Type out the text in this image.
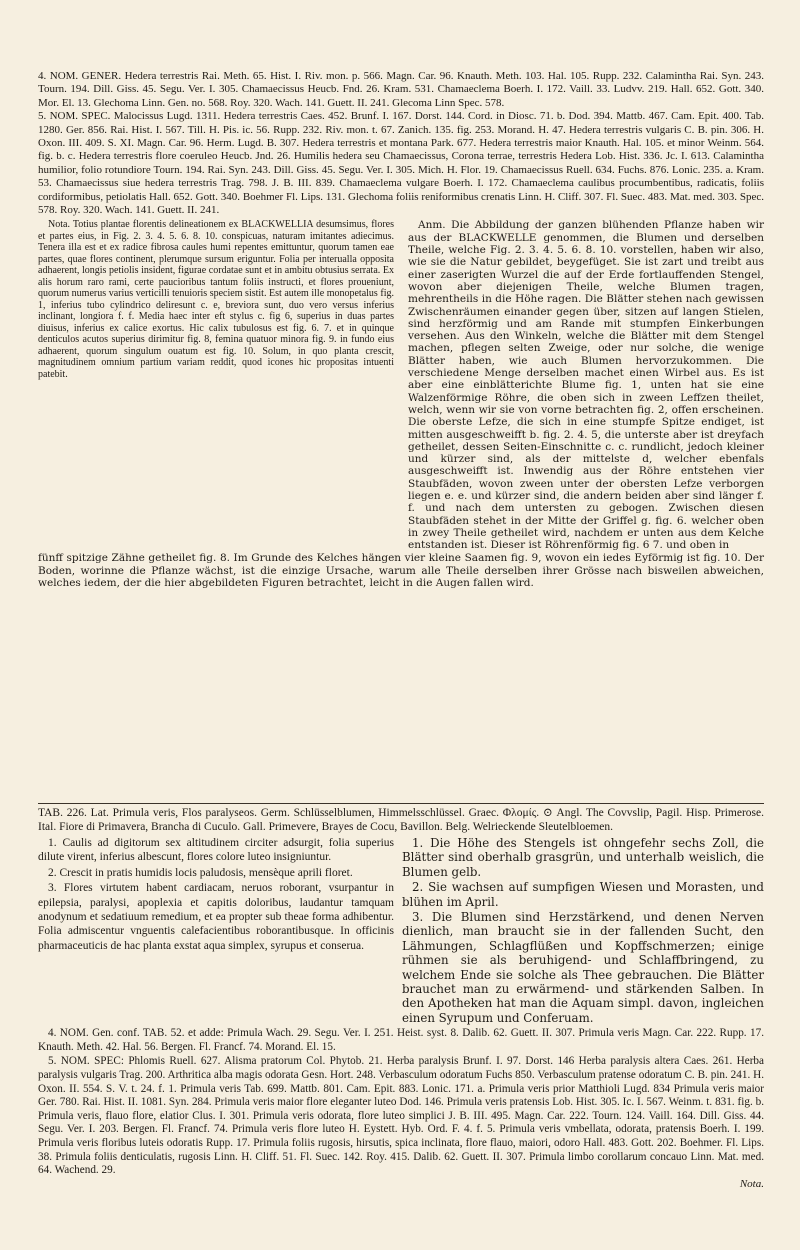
4. NOM. GENER. Hedera terrestris Rai. Meth. 65. Hist. I. Riv. mon. p. 566. Magn. Car. 96. Knauth. Meth. 103. Hal. 105. Rupp. 232. Calamintha Rai. Syn. 243. Tourn. 194. Dill. Giss. 45. Segu. Ver. I. 305. Chamaecissus Heucb. Fnd. 26. Kram. 531. Chamaeclema Boerh. I. 172. Vaill. 33. Ludvv. 219. Hall. 652. Gott. 340. Mor. El. 13. Glechoma Linn. Gen. no. 568. Roy. 320. Wach. 141. Guett. II. 241. Glecoma Linn Spec. 578.

5. NOM. SPEC. Malocissus Lugd. 1311. Hedera terrestris Caes. 452. Brunf. I. 167. Dorst. 144. Cord. in Diosc. 71. b. Dod. 394. Mattb. 467. Cam. Epit. 400. Tab. 1280. Ger. 856. Rai. Hist. I. 567. Till. H. Pis. ic. 56. Rupp. 232. Riv. mon. t. 67. Zanich. 135. fig. 253. Morand. H. 47. Hedera terrestris vulgaris C. B. pin. 306. H. Oxon. III. 409. S. XI. Magn. Car. 96. Herm. Lugd. B. 307. Hedera terrestris et montana Park. 677. Hedera terrestris maior Knauth. Hal. 105. et minor Weinm. 564. fig. b. c. Hedera terrestris flore coeruleo Heucb. Jnd. 26. Humilis hedera seu Chamaecissus, Corona terrae, terrestris Hedera Lob. Hist. 336. Jc. I. 613. Calamintha humilior, folio rotundiore Tourn. 194. Rai. Syn. 243. Dill. Giss. 45. Segu. Ver. I. 305. Mich. H. Flor. 19. Chamaecissus Ruell. 634. Fuchs. 876. Lonic. 235. a. Kram. 53. Chamaecissus siue hedera terrestris Trag. 798. J. B. III. 839. Chamaeclema vulgare Boerh. I. 172. Chamaeclema caulibus procumbentibus, radicatis, foliis cordiformibus, petiolatis Hall. 652. Gott. 340. Boehmer Fl. Lips. 131. Glechoma foliis reniformibus crenatis Linn. H. Cliff. 307. Fl. Suec. 483. Mat. med. 303. Spec. 578. Roy. 320. Wach. 141. Guett. II. 241.

Nota. Totius plantae florentis delineationem ex BLACKWELLIA desumsimus, flores et partes eius, in Fig. 2. 3. 4. 5. 6. 8. 10. conspicuas, naturam imitantes adiecimus. Tenera illa est et ex radice fibrosa caules humi repentes emittuntur, quorum tamen eae partes, quae flores continent, plerumque sursum eriguntur. Folia per interualla opposita adhaerent, longis petiolis insident, figurae cordatae sunt et in ambitu obtusius serrata. Ex alis horum raro rami, certe paucioribus tantum foliis instructi, et flores proueniunt, quorum numerus varius verticilli tenuioris speciem sistit. Est autem ille monopetalus fig. 1, inferius tubo cylindrico deliresunt c. e, breviora sunt, duo vero versus inferius inclinant, longiora f. f. Media haec inter eft stylus c. fig 6, superius in duas partes diuisus, inferius ex calice exortus. Hic calix tubulosus est fig. 6. 7. et in quinque denticulos acutos superius dirimitur fig. 8, femina quatuor minora fig. 9. in fundo eius adhaerent, quorum singulum ouatum est fig. 10. Solum, in quo planta crescit, magnitudinem omnium partium variam reddit, quod icones hic propositas intuenti patebit.

Anm. Die Abbildung der ganzen blühenden Pflanze haben wir aus der BLACKWELLE genommen, die Blumen und derselben Theile, welche Fig. 2. 3. 4. 5. 6. 8. 10. vorstellen, haben wir also, wie sie die Natur gebildet, beygefüget. Sie ist zart und treibt aus einer zaserigten Wurzel die auf der Erde fortlauffenden Stengel, wovon aber diejenigen Theile, welche Blumen tragen, mehrentheils in die Höhe ragen. Die Blätter stehen nach gewissen Zwischenräumen einander gegen über, sitzen auf langen Stielen, sind herzförmig und am Rande mit stumpfen Einkerbungen versehen. Aus den Winkeln, welche die Blätter mit dem Stengel machen, pflegen selten Zweige, oder nur solche, die wenige Blätter haben, wie auch Blumen hervorzukommen. Die verschiedene Menge derselben machet einen Wirbel aus. Es ist aber eine einblätterichte Blume fig. 1, unten hat sie eine Walzenförmige Röhre, die oben sich in zween Leffzen theilet, welch, wenn wir sie von vorne betrachten fig. 2, offen erscheinen. Die oberste Lefze, die sich in eine stumpfe Spitze endiget, ist mitten ausgeschweifft b. fig. 2. 4. 5, die unterste aber ist dreyfach getheilet, dessen Seiten-Einschnitte c. c. rundlicht, jedoch kleiner und kürzer sind, als der mittelste d, welcher ebenfals ausgeschweifft ist. Inwendig aus der Röhre entstehen vier Staubfäden, wovon zween unter der obersten Lefze verborgen liegen e. e. und kürzer sind, die andern beiden aber sind länger f. f. und nach dem untersten zu gebogen. Zwischen diesen Staubfäden stehet in der Mitte der Griffel g. fig. 6. welcher oben in zwey Theile getheilet wird, nachdem er unten aus dem Kelche entstanden ist. Dieser ist Röhrenförmig fig. 6 7. und oben in

fünff spitzige Zähne getheilet fig. 8. Im Grunde des Kelches hängen vier kleine Saamen fig. 9, wovon ein iedes Eyförmig ist fig. 10. Der Boden, worinne die Pflanze wächst, ist die einzige Ursache, warum alle Theile derselben ihrer Grösse nach bisweilen abweichen, welches iedem, der die hier abgebildeten Figuren betrachtet, leicht in die Augen fallen wird.

TAB. 226. Lat. Primula veris, Flos paralyseos. Germ. Schlüsselblumen, Himmelsschlüssel. Graec. Φλομίς. ⊙ Angl. The Covvslip, Pagil. Hisp. Primerose. Ital. Fiore di Primavera, Brancha di Cuculo. Gall. Primevere, Brayes de Cocu, Bavillon. Belg. Welrieckende Sleutelbloemen.

1. Caulis ad digitorum sex altitudinem circiter adsurgit, folia superius dilute virent, inferius albescunt, flores colore luteo insigniuntur.

2. Crescit in pratis humidis locis paludosis, mensèque aprili floret.

3. Flores virtutem habent cardiacam, neruos roborant, vsurpantur in epilepsia, paralysi, apoplexia et capitis doloribus, laudantur tamquam anodynum et sedatiuum remedium, et ea propter sub theae forma adhibentur. Folia admiscentur vnguentis calefacientibus roborantibusque. In officinis pharmaceuticis de hac planta exstat aqua simplex, syrupus et conserua.

1. Die Höhe des Stengels ist ohngefehr sechs Zoll, die Blätter sind oberhalb grasgrün, und unterhalb weislich, die Blumen gelb.

2. Sie wachsen auf sumpfigen Wiesen und Morasten, und blühen im April.

3. Die Blumen sind Herzstärkend, und denen Nerven dienlich, man braucht sie in der fallenden Sucht, den Lähmungen, Schlagflüßen und Kopffschmerzen; einige rühmen sie als beruhigend- und Schlaffbringend, zu welchem Ende sie solche als Thee gebrauchen. Die Blätter brauchet man zu erwärmend- und stärkenden Salben. In den Apotheken hat man die Aquam simpl. davon, ingleichen einen Syrupum und Conferuam.

4. NOM. Gen. conf. TAB. 52. et adde: Primula Wach. 29. Segu. Ver. I. 251. Heist. syst. 8. Dalib. 62. Guett. II. 307. Primula veris Magn. Car. 222. Rupp. 17. Knauth. Meth. 42. Hal. 56. Bergen. Fl. Francf. 74. Morand. El. 15.

5. NOM. SPEC: Phlomis Ruell. 627. Alisma pratorum Col. Phytob. 21. Herba paralysis Brunf. I. 97. Dorst. 146 Herba paralysis altera Caes. 261. Herba paralysis vulgaris Trag. 200. Arthritica alba magis odorata Gesn. Hort. 248. Verbasculum odoratum Fuchs 850. Verbasculum pratense odoratum C. B. pin. 241. H. Oxon. II. 554. S. V. t. 24. f. 1. Primula veris Tab. 699. Mattb. 801. Cam. Epit. 883. Lonic. 171. a. Primula veris prior Matthioli Lugd. 834 Primula veris maior Ger. 780. Rai. Hist. II. 1081. Syn. 284. Primula veris maior flore eleganter luteo Dod. 146. Primula veris pratensis Lob. Hist. 305. Ic. I. 567. Weinm. t. 831. fig. b. Primula veris, flauo flore, elatior Clus. I. 301. Primula veris odorata, flore luteo simplici J. B. III. 495. Magn. Car. 222. Tourn. 124. Vaill. 164. Dill. Giss. 44. Segu. Ver. I. 203. Bergen. Fl. Francf. 74. Primula veris flore luteo H. Eystett. Hyb. Ord. F. 4. f. 5. Primula veris vmbellata, odorata, pratensis Boerh. I. 199. Primula veris floribus luteis odoratis Rupp. 17. Primula foliis rugosis, hirsutis, spica inclinata, flore flauo, maiori, odoro Hall. 483. Gott. 202. Boehmer. Fl. Lips. 38. Primula foliis denticulatis, rugosis Linn. H. Cliff. 51. Fl. Suec. 142. Roy. 415. Dalib. 62. Guett. II. 307. Primula limbo corollarum concauo Linn. Mat. med. 64. Wachend. 29.

Nota.
